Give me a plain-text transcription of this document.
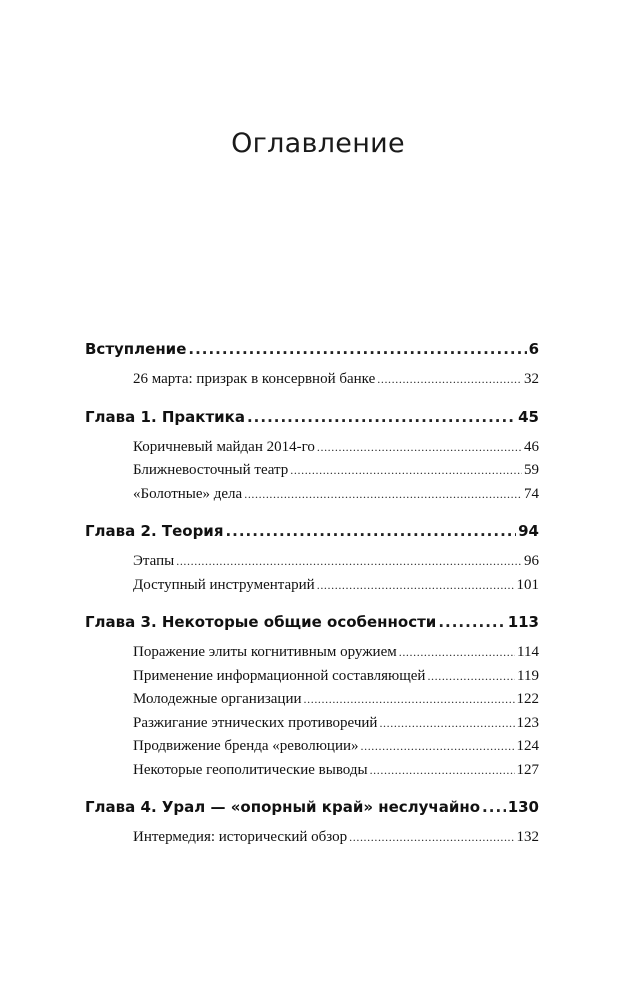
Оглавление
Вступление .....	6
26 марта: призрак в консервной банке .....	32
Глава 1. Практика .....	45
Коричневый майдан 2014-го .....	46
Ближневосточный театр .....	59
«Болотные» дела .....	74
Глава 2. Теория .....	94
Этапы .....	96
Доступный инструментарий .....	101
Глава 3. Некоторые общие особенности .....	113
Поражение элиты когнитивным оружием .....	114
Применение информационной составляющей .....	119
Молодежные организации .....	122
Разжигание этнических противоречий .....	123
Продвижение бренда «революции» .....	124
Некоторые геополитические выводы .....	127
Глава 4. Урал — «опорный край» неслучайно ..... 130
Интермедия: исторический обзор .....	132
